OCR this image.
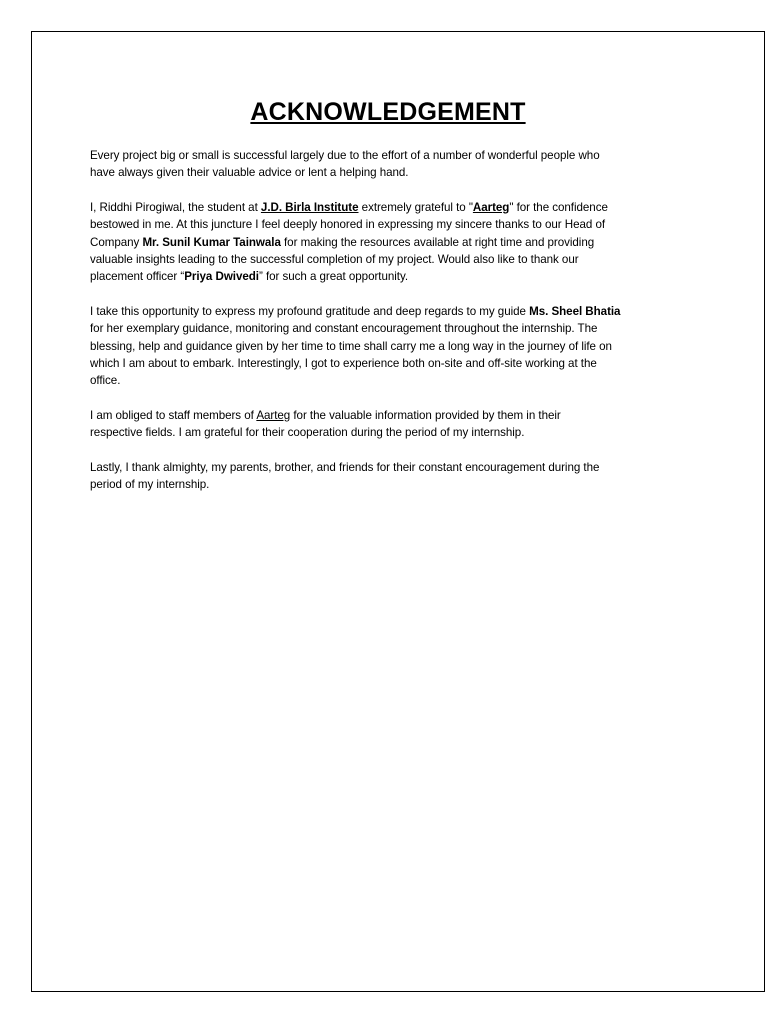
ACKNOWLEDGEMENT

Every project big or small is successful largely due to the effort of a number of wonderful people who
have always given their valuable advice or lent a helping hand.

I, Riddhi Pirogiwal, the student at J.D. Birla Institute extremely grateful to "Aarteg" for the confidence
bestowed in me. At this juncture I feel deeply honored in expressing my sincere thanks to our Head of
Company Mr. Sunil Kumar Tainwala for making the resources available at right time and providing
valuable insights leading to the successful completion of my project. Would also like to thank our
placement officer “Priya Dwivedi” for such a great opportunity.

I take this opportunity to express my profound gratitude and deep regards to my guide Ms. Sheel Bhatia
for her exemplary guidance, monitoring and constant encouragement throughout the internship. The
blessing, help and guidance given by her time to time shall carry me a long way in the journey of life on
which I am about to embark. Interestingly, I got to experience both on-site and off-site working at the
office.

I am obliged to staff members of Aarteg for the valuable information provided by them in their
respective fields. I am grateful for their cooperation during the period of my internship.

Lastly, I thank almighty, my parents, brother, and friends for their constant encouragement during the
period of my internship.
